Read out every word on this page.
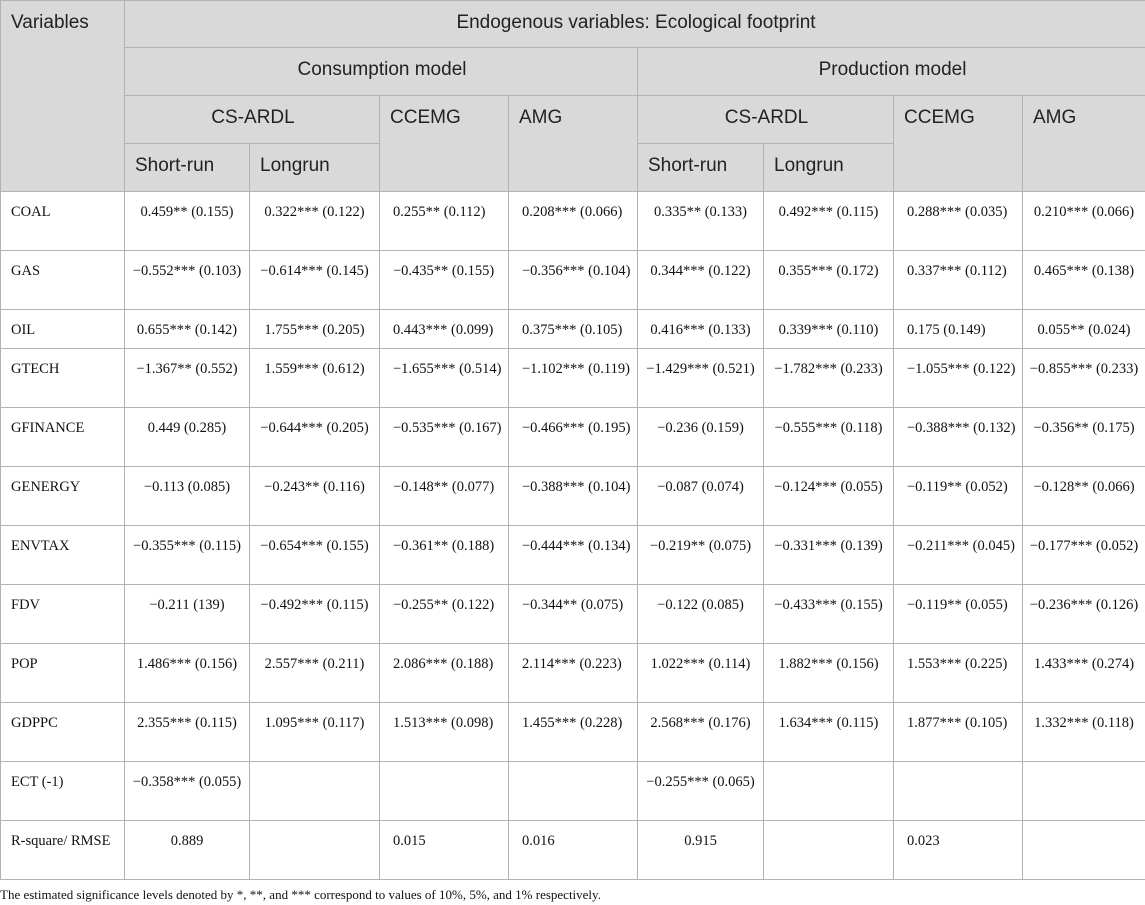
Variables	Endogenous variables: Ecological footprint							
	Consumption model				Production model			
	CS-ARDL		CCEMG	AMG	CS-ARDL		CCEMG	AMG
	Short-run	Longrun			Short-run	Longrun		
COAL	0.459** (0.155)	0.322*** (0.122)	0.255** (0.112)	0.208*** (0.066)	0.335** (0.133)	0.492*** (0.115)	0.288*** (0.035)	0.210*** (0.066)
GAS	−0.552*** (0.103)	−0.614*** (0.145)	−0.435** (0.155)	−0.356*** (0.104)	0.344*** (0.122)	0.355*** (0.172)	0.337*** (0.112)	0.465*** (0.138)
OIL	0.655*** (0.142)	1.755*** (0.205)	0.443*** (0.099)	0.375*** (0.105)	0.416*** (0.133)	0.339*** (0.110)	0.175 (0.149)	0.055** (0.024)
GTECH	−1.367** (0.552)	1.559*** (0.612)	−1.655*** (0.514)	−1.102*** (0.119)	−1.429*** (0.521)	−1.782*** (0.233)	−1.055*** (0.122)	−0.855*** (0.233)
GFINANCE	0.449 (0.285)	−0.644*** (0.205)	−0.535*** (0.167)	−0.466*** (0.195)	−0.236 (0.159)	−0.555*** (0.118)	−0.388*** (0.132)	−0.356** (0.175)
GENERGY	−0.113 (0.085)	−0.243** (0.116)	−0.148** (0.077)	−0.388*** (0.104)	−0.087 (0.074)	−0.124*** (0.055)	−0.119** (0.052)	−0.128** (0.066)
ENVTAX	−0.355*** (0.115)	−0.654*** (0.155)	−0.361** (0.188)	−0.444*** (0.134)	−0.219** (0.075)	−0.331*** (0.139)	−0.211*** (0.045)	−0.177*** (0.052)
FDV	−0.211 (139)	−0.492*** (0.115)	−0.255** (0.122)	−0.344** (0.075)	−0.122 (0.085)	−0.433*** (0.155)	−0.119** (0.055)	−0.236*** (0.126)
POP	1.486*** (0.156)	2.557*** (0.211)	2.086*** (0.188)	2.114*** (0.223)	1.022*** (0.114)	1.882*** (0.156)	1.553*** (0.225)	1.433*** (0.274)
GDPPC	2.355*** (0.115)	1.095*** (0.117)	1.513*** (0.098)	1.455*** (0.228)	2.568*** (0.176)	1.634*** (0.115)	1.877*** (0.105)	1.332*** (0.118)
ECT (-1)	−0.358*** (0.055)				−0.255*** (0.065)			
R-square/ RMSE	0.889		0.015	0.016	0.915		0.023	
The estimated significance levels denoted by *, **, and *** correspond to values of 10%, 5%, and 1% respectively.
